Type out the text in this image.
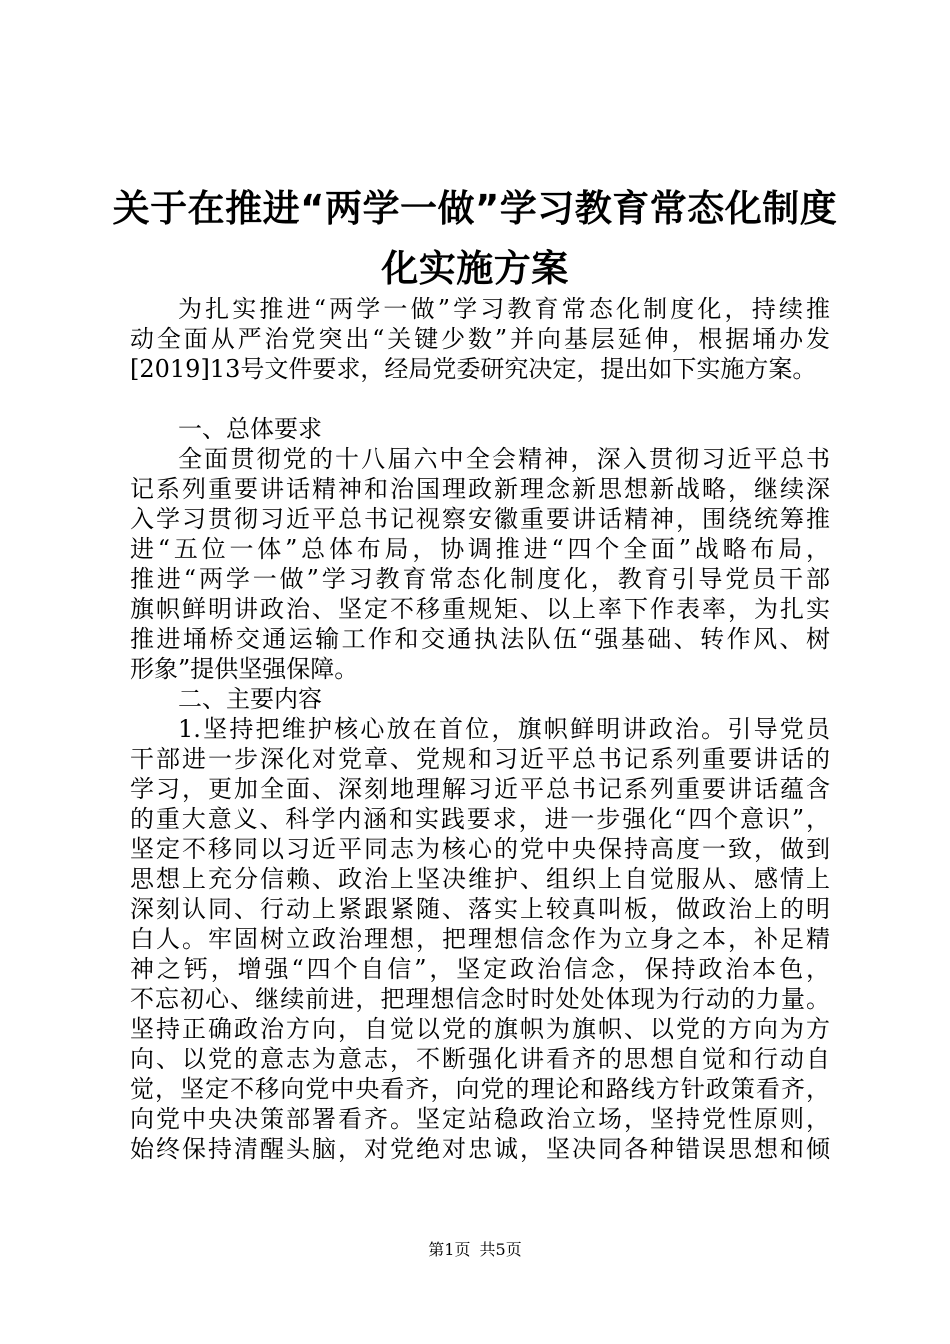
关于在推进“两学一做”学习教育常态化制度
化实施方案
为扎实推进“两学一做”学习教育常态化制度化，持续推
动全面从严治党突出“关键少数”并向基层延伸，根据埇办发
[2019]13号文件要求，经局党委研究决定，提出如下实施方案。
一、总体要求
全面贯彻党的十八届六中全会精神，深入贯彻习近平总书
记系列重要讲话精神和治国理政新理念新思想新战略，继续深
入学习贯彻习近平总书记视察安徽重要讲话精神，围绕统筹推
进“五位一体”总体布局，协调推进“四个全面”战略布局，
推进“两学一做”学习教育常态化制度化，教育引导党员干部
旗帜鲜明讲政治、坚定不移重规矩、以上率下作表率，为扎实
推进埇桥交通运输工作和交通执法队伍“强基础、转作风、树
形象”提供坚强保障。
二、主要内容
1.坚持把维护核心放在首位，旗帜鲜明讲政治。引导党员
干部进一步深化对党章、党规和习近平总书记系列重要讲话的
学习，更加全面、深刻地理解习近平总书记系列重要讲话蕴含
的重大意义、科学内涵和实践要求，进一步强化“四个意识”，
坚定不移同以习近平同志为核心的党中央保持高度一致，做到
思想上充分信赖、政治上坚决维护、组织上自觉服从、感情上
深刻认同、行动上紧跟紧随、落实上较真叫板，做政治上的明
白人。牢固树立政治理想，把理想信念作为立身之本，补足精
神之钙，增强“四个自信”，坚定政治信念，保持政治本色，
不忘初心、继续前进，把理想信念时时处处体现为行动的力量。
坚持正确政治方向，自觉以党的旗帜为旗帜、以党的方向为方
向、以党的意志为意志，不断强化讲看齐的思想自觉和行动自
觉，坚定不移向党中央看齐，向党的理论和路线方针政策看齐，
向党中央决策部署看齐。坚定站稳政治立场，坚持党性原则，
始终保持清醒头脑，对党绝对忠诚，坚决同各种错误思想和倾
第1页 共5页
